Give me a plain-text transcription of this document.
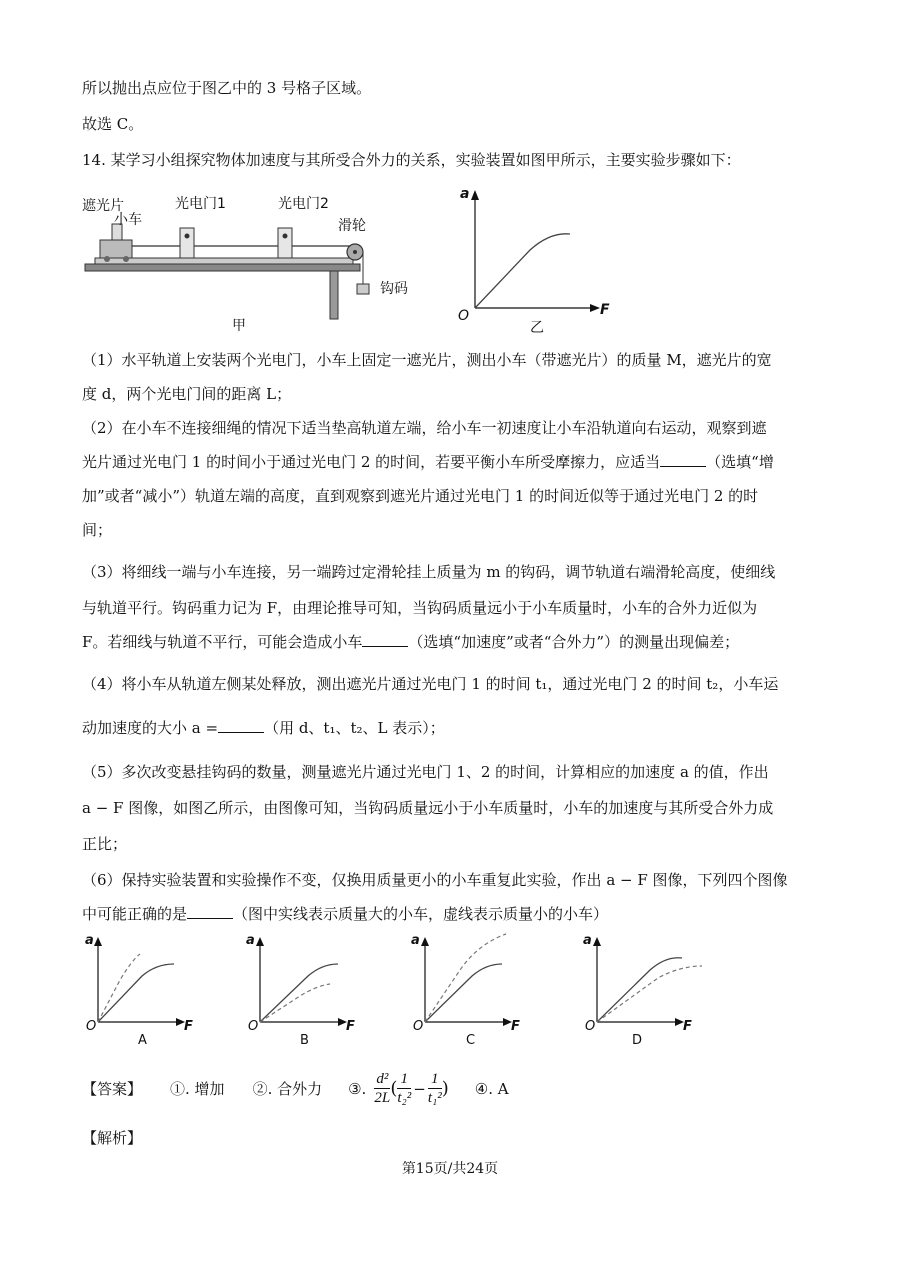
所以抛出点应位于图乙中的 3 号格子区域。
故选 C。
14. 某学习小组探究物体加速度与其所受合外力的关系，实验装置如图甲所示，主要实验步骤如下：
遮光片
小车
光电门1	光电门2
滑轮
钩码
甲
a
F
O
乙
（1）水平轨道上安装两个光电门，小车上固定一遮光片，测出小车（带遮光片）的质量 M，遮光片的宽
度 d，两个光电门间的距离 L；
（2）在小车不连接细绳的情况下适当垫高轨道左端，给小车一初速度让小车沿轨道向右运动，观察到遮
光片通过光电门 1 的时间小于通过光电门 2 的时间，若要平衡小车所受摩擦力，应适当	（选填“增
加”或者“减小”）轨道左端的高度，直到观察到遮光片通过光电门 1 的时间近似等于通过光电门 2 的时
间；
（3）将细线一端与小车连接，另一端跨过定滑轮挂上质量为 m 的钩码，调节轨道右端滑轮高度，使细线
与轨道平行。钩码重力记为 F，由理论推导可知，当钩码质量远小于小车质量时，小车的合外力近似为
F。若细线与轨道不平行，可能会造成小车	（选填“加速度”或者“合外力”）的测量出现偏差；
（4）将小车从轨道左侧某处释放，测出遮光片通过光电门 1 的时间 t₁，通过光电门 2 的时间 t₂，小车运
动加速度的大小 a =	（用 d、t₁、t₂、L 表示）；
（5）多次改变悬挂钩码的数量，测量遮光片通过光电门 1、2 的时间，计算相应的加速度 a 的值，作出
a − F 图像，如图乙所示，由图像可知，当钩码质量远小于小车质量时，小车的加速度与其所受合外力成
正比；
（6）保持实验装置和实验操作不变，仅换用质量更小的小车重复此实验，作出 a − F 图像，下列四个图像
中可能正确的是	（图中实线表示质量大的小车，虚线表示质量小的小车）
a
F
O
A
a
F
O
B
a
F
O
C
a
F
O
D
【答案】 ①. 增加 ②. 合外力 ③. $\frac{\text{d²}}{2L}$ ( $\frac{1}{\text{t₂²}} - \frac{1}{\text{t₁²}}$ ) ④. A
【解析】
第15页/共24页
